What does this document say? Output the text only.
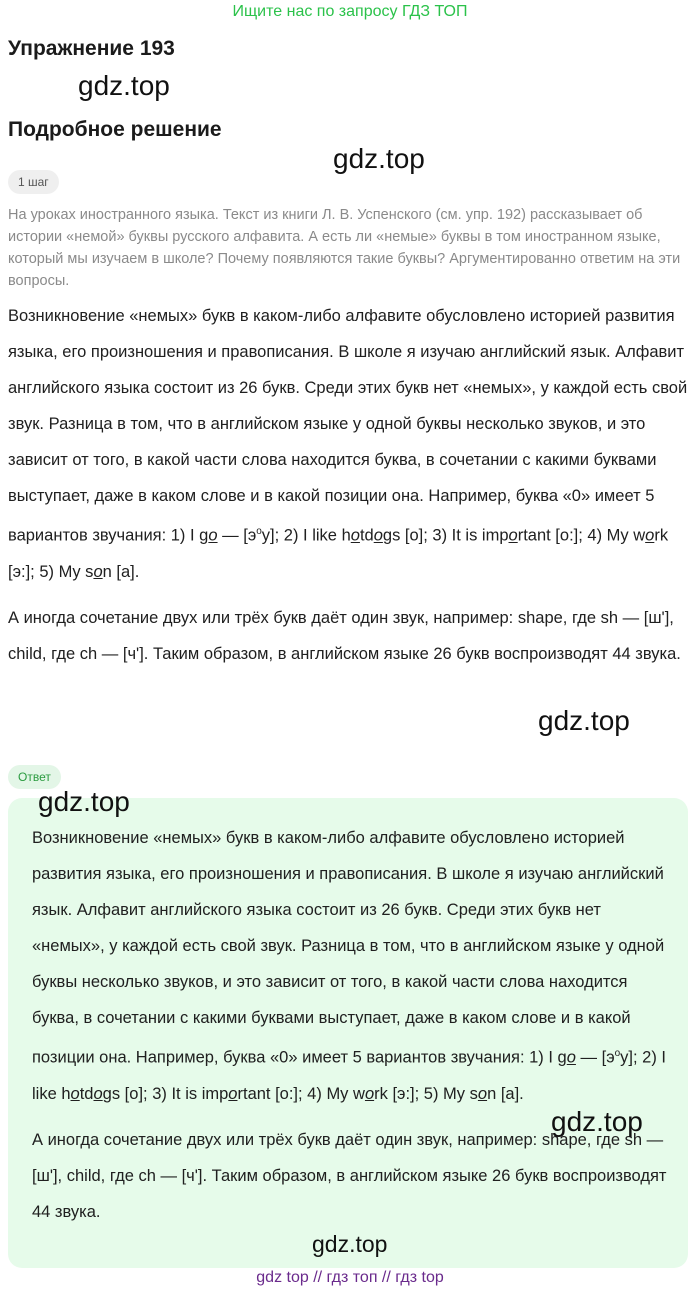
Ищите нас по запросу ГДЗ ТОП
Упражнение 193
gdz.top
Подробное решение
gdz.top
1 шаг
На уроках иностранного языка. Текст из книги Л. В. Успенского (см. упр. 192) рассказывает об истории «немой» буквы русского алфавита. А есть ли «немые» буквы в том иностранном языке, который мы изучаем в школе? Почему появляются такие буквы? Аргументированно ответим на эти вопросы.

Возникновение «немых» букв в каком-либо алфавите обусловлено историей развития языка, его произношения и правописания. В школе я изучаю английский язык. Алфавит английского языка состоит из 26 букв. Среди этих букв нет «немых», у каждой есть свой звук. Разница в том, что в английском языке у одной буквы несколько звуков, и это зависит от того, в какой части слова находится буква, в сочетании с какими буквами выступает, даже в каком слове и в какой позиции она. Например, буква «0» имеет 5 вариантов звучания: 1) I go — $[э^oу]$; 2) I like hotdogs [о]; 3) It is important [о:]; 4) My work [э:]; 5) My son [а].

А иногда сочетание двух или трёх букв даёт один звук, например: shape, где sh — [ш'], child, где ch — [ч']. Таким образом, в английском языке 26 букв воспроизводят 44 звука.

gdz.top
Ответ

Возникновение «немых» букв в каком-либо алфавите обусловлено историей развития языка, его произношения и правописания. В школе я изучаю английский язык. Алфавит английского языка состоит из 26 букв. Среди этих букв нет «немых», у каждой есть свой звук. Разница в том, что в английском языке у одной буквы несколько звуков, и это зависит от того, в какой части слова находится буква, в сочетании с какими буквами выступает, даже в каком слове и в какой позиции она. Например, буква «0» имеет 5 вариантов звучания: 1) I go — $[э^oу]$; 2) I like hotdogs [о]; 3) It is important [о:]; 4) My work [э:]; 5) My son [а].

А иногда сочетание двух или трёх букв даёт один звук, например: shape, где sh — [ш'], child, где ch — [ч']. Таким образом, в английском языке 26 букв воспроизводят 44 звука.

gdz.top
gdz.top
gdz.top
gdz top // гдз топ // гдз top
